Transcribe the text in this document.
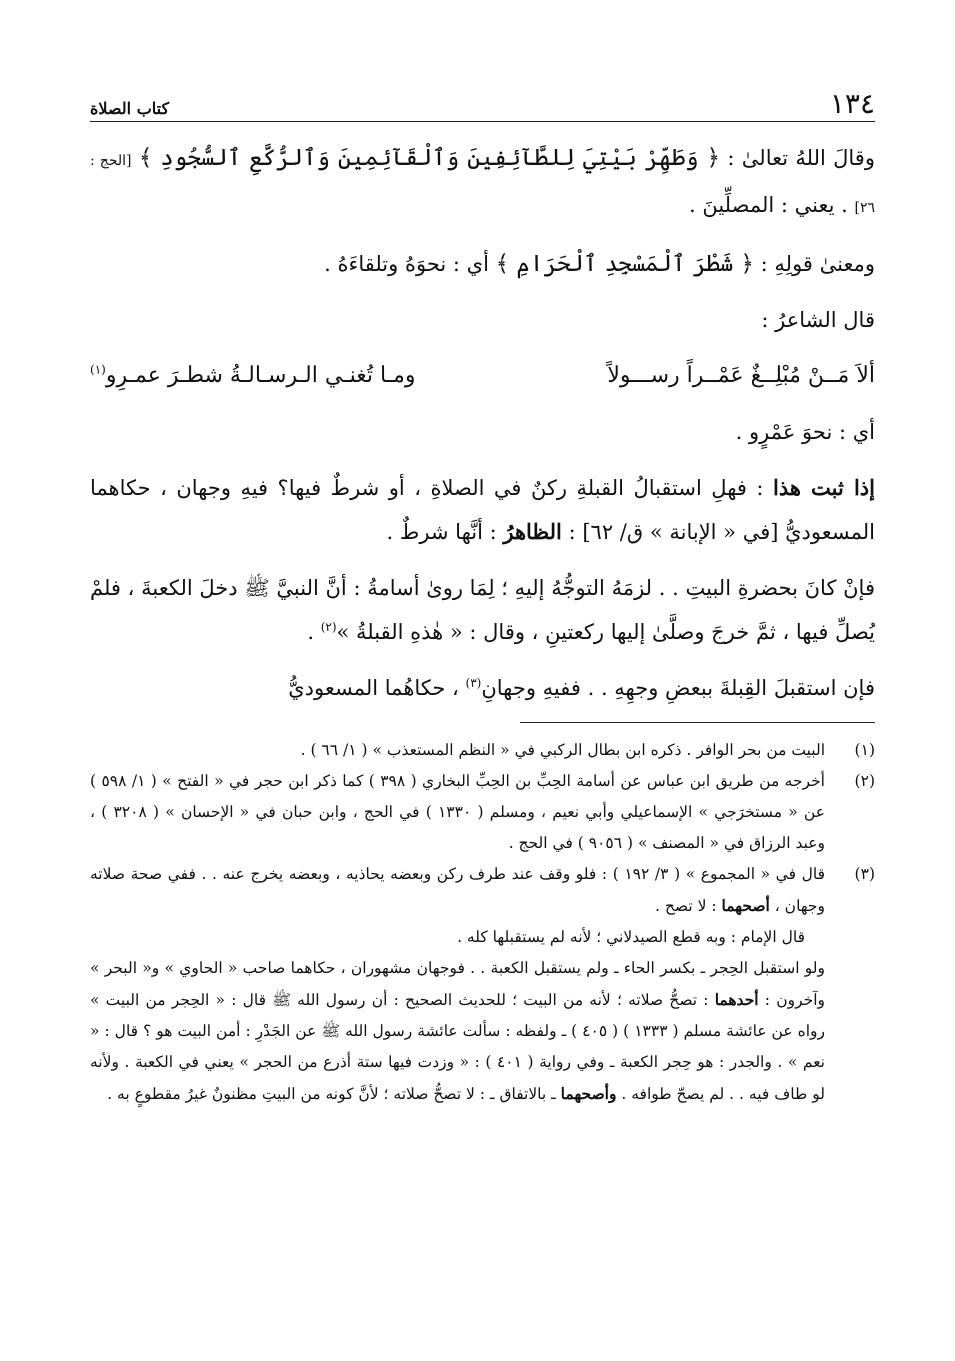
١٣٤
كتاب الصلاة

وقالَ اللهُ تعالىٰ : ﴿ وَطَهِّرْ بَيْتِيَ لِلطَّآئِفِينَ وَٱلْقَآئِمِينَ وَٱلرُّكَّعِ ٱلسُّجُودِ ﴾ [الحج : ٢٦] . يعني : المصلِّينَ .

ومعنىٰ قولِهِ : ﴿ شَطْرَ ٱلْمَسْجِدِ ٱلْحَرَامِ ﴾ أي : نحوَهُ وتلقاءَهُ .

قال الشاعرُ :

ألاَ مَــنْ مُبْلِــغٌ عَمْــراً رســـولاً
ومـا تُغنـي الـرسـالـةُ شطـرَ عمـرِو$^{(١)}$

أي : نحوَ عَمْرٍو .

إذا ثبت هذا : فهلِ استقبالُ القبلةِ ركنٌ في الصلاةِ ، أو شرطٌ فيها؟ فيهِ وجهان ، حكاهما المسعوديُّ [في « الإبانة » ق/ ٦٢] : الظاهرُ : أنَّها شرطٌ .

فإنْ كانَ بحضرةِ البيتِ . . لزمَهُ التوجُّهُ إليهِ ؛ لِمَا روىٰ أسامةُ : أنَّ النبيَّ ﷺ دخلَ الكعبةَ ، فلمْ يُصلِّ فيها ، ثمَّ خرجَ وصلَّىٰ إليها ركعتينِ ، وقال : « هٰذهِ القبلةُ »$^{(٢)}$ .

فإن استقبلَ القِبلةَ ببعضِ وجهِهِ . . ففيهِ وجهانِ$^{(٣)}$ ، حكاهُما المسعوديُّ

(١)
البيت من بحر الوافر . ذكره ابن بطال الركبي في « النظم المستعذب » ( ١/ ٦٦ ) .
(٢)
أخرجه من طريق ابن عباس عن أسامة الحِبِّ بن الحِبِّ البخاري ( ٣٩٨ ) كما ذكر ابن حجر في « الفتح » ( ١/ ٥٩٨ ) عن « مستخرَجي » الإسماعيلي وأبي نعيم ، ومسلم ( ١٣٣٠ ) في الحج ، وابن حبان في « الإحسان » ( ٣٢٠٨ ) ، وعبد الرزاق في « المصنف » ( ٩٠٥٦ ) في الحج .
(٣)
قال في « المجموع » ( ٣/ ١٩٢ ) : فلو وقف عند طرف ركن وبعضه يحاذيه ، وبعضه يخرج عنه . . ففي صحة صلاته وجهان ، أصحهما : لا تصح .
قال الإمام : وبه قطع الصيدلاني ؛ لأنه لم يستقبلها كله .
ولو استقبل الحِجر ـ بكسر الحاء ـ ولم يستقبل الكعبة . . فوجهان مشهوران ، حكاهما صاحب « الحاوي » و« البحر » وآخرون : أحدهما : تصحُّ صلاته ؛ لأنه من البيت ؛ للحديث الصحيح : أن رسول الله ﷺ قال : « الحِجر من البيت » رواه عن عائشة مسلم ( ١٣٣٣ ) ( ٤٠٥ ) ـ ولفظه : سألت عائشة رسول الله ﷺ عن الجَدْرِ : أمن البيت هو ؟ قال : « نعم » . والجدر : هو حِجر الكعبة ـ وفي رواية ( ٤٠١ ) : « وزدت فيها ستة أذرع من الحجر » يعني في الكعبة . ولأنه لو طاف فيه . . لم يصحّ طوافه . وأصحهما ـ بالاتفاق ـ : لا تصحُّ صلاته ؛ لأنَّ كونه من البيتِ مظنونٌ غيرُ مقطوعٍ به .
